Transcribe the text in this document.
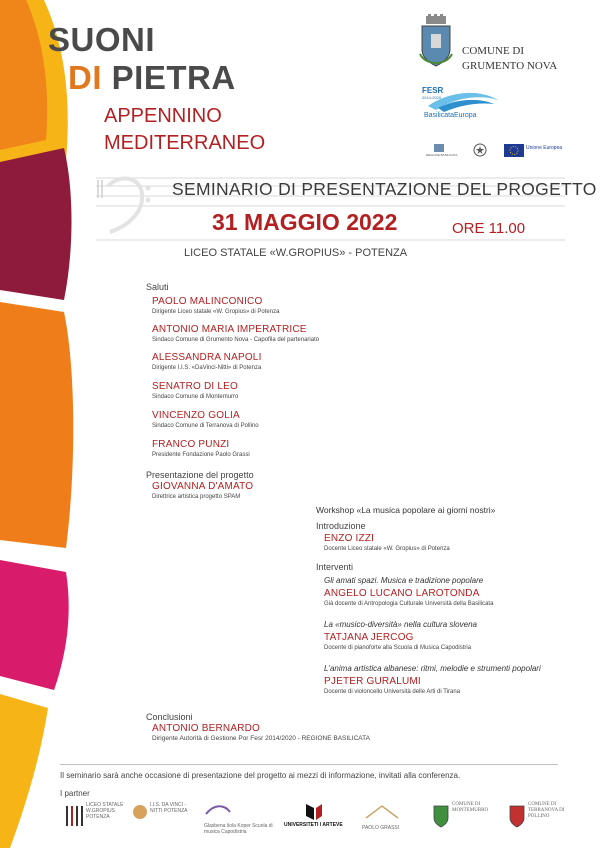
SUONI
DI PIETRA
APPENNINO
MEDITERRANEO
COMUNE DI
GRUMENTO NOVA
FESR
2014-2020
BasilicataEuropa
REGIONE BASILICATA
Unione Europea
SEMINARIO DI PRESENTAZIONE DEL PROGETTO
31 MAGGIO 2022	ORE 11.00
LICEO STATALE «W.GROPIUS» - POTENZA
Saluti
PAOLO MALINCONICO
Dirigente Liceo statale «W. Gropius» di Potenza
ANTONIO MARIA IMPERATRICE
Sindaco Comune di Grumento Nova - Capofila del partenariato
ALESSANDRA NAPOLI
Dirigente I.I.S. «DaVinci-Nitti» di Potenza
SENATRO DI LEO
Sindaco Comune di Montemurro
VINCENZO GOLIA
Sindaco Comune di Terranova di Pollino
FRANCO PUNZI
Presidente Fondazione Paolo Grassi
Presentazione del progetto
GIOVANNA D'AMATO
Direttrice artistica progetto SPAM
Workshop «La musica popolare ai giorni nostri»
Introduzione
ENZO IZZI
Docente Liceo statale «W. Gropius» di Potenza
Interventi
Gli amati spazi. Musica e tradizione popolare
ANGELO LUCANO LAROTONDA
Già docente di Antropologia Culturale Università della Basilicata
La «musico-diversità» nella cultura slovena
TATJANA JERCOG
Docente di pianoforte alla Scuola di Musica Capodistria
L'anima artistica albanese: ritmi, melodie e strumenti popolari
PJETER GURALUMI
Docente di violoncello Università delle Arti di Tirana
Conclusioni
ANTONIO BERNARDO
Dirigente Autorità di Gestione Por Fesr 2014/2020 - REGIONE BASILICATA
Il seminario sarà anche occasione di presentazione del progetto ai mezzi di informazione, invitati alla conferenza.
I partner
LICEO STATALE W.GROPIUS POTENZA
I.I.S. DA VINCI - NITTI POTENZA
Glasbena šola Koper Scuola di musica Capodistria
UNIVERSITETI I ARTEVE	PAOLO GRASSI
COMUNE DI MONTEMURRO
COMUNE DI TERRANOVA DI POLLINO
